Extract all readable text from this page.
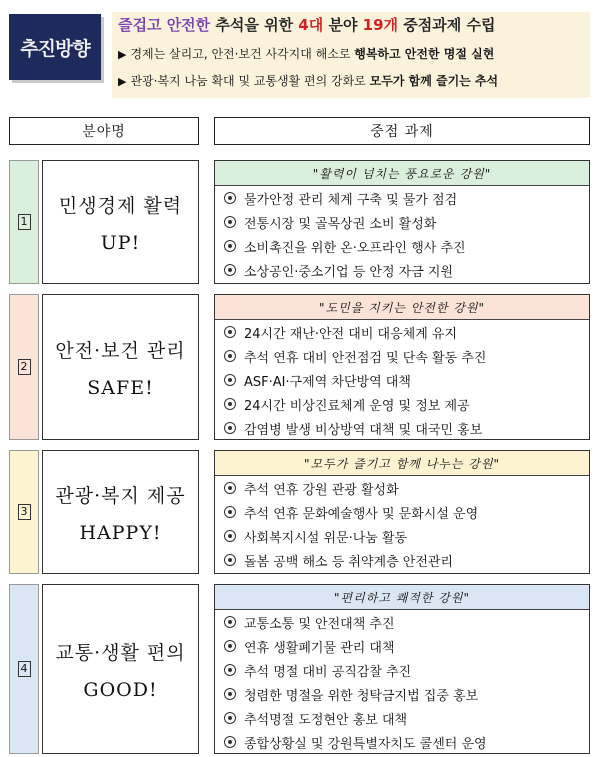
추진방향
즐겁고 안전한 추석을 위한 4대 분야 19개 중점과제 수립
▶ 경제는 살리고, 안전·보건 사각지대 해소로 행복하고 안전한 명절 실현
▶ 관광·복지 나눔 확대 및 교통생활 편의 강화로 모두가 함께 즐기는 추석
분야명	중점 과제
1
민생경제 활력
UP!
"활력이 넘치는 풍요로운 강원"
물가안정 관리 체계 구축 및 물가 점검
전통시장 및 골목상권 소비 활성화
소비촉진을 위한 온·오프라인 행사 추진
소상공인·중소기업 등 안정 자금 지원
2
안전·보건 관리
SAFE!
"도민을 지키는 안전한 강원"
24시간 재난·안전 대비 대응체계 유지
추석 연휴 대비 안전점검 및 단속 활동 추진
ASF·AI·구제역 차단방역 대책
24시간 비상진료체계 운영 및 정보 제공
감염병 발생 비상방역 대책 및 대국민 홍보
3
관광·복지 제공
HAPPY!
"모두가 즐기고 함께 나누는 강원"
추석 연휴 강원 관광 활성화
추석 연휴 문화예술행사 및 문화시설 운영
사회복지시설 위문·나눔 활동
돌봄 공백 해소 등 취약계층 안전관리
4
교통·생활 편의
GOOD!
"편리하고 쾌적한 강원"
교통소통 및 안전대책 추진
연휴 생활폐기물 관리 대책
추석 명절 대비 공직감찰 추진
청렴한 명절을 위한 청탁금지법 집중 홍보
추석명절 도정현안 홍보 대책
종합상황실 및 강원특별자치도 콜센터 운영
